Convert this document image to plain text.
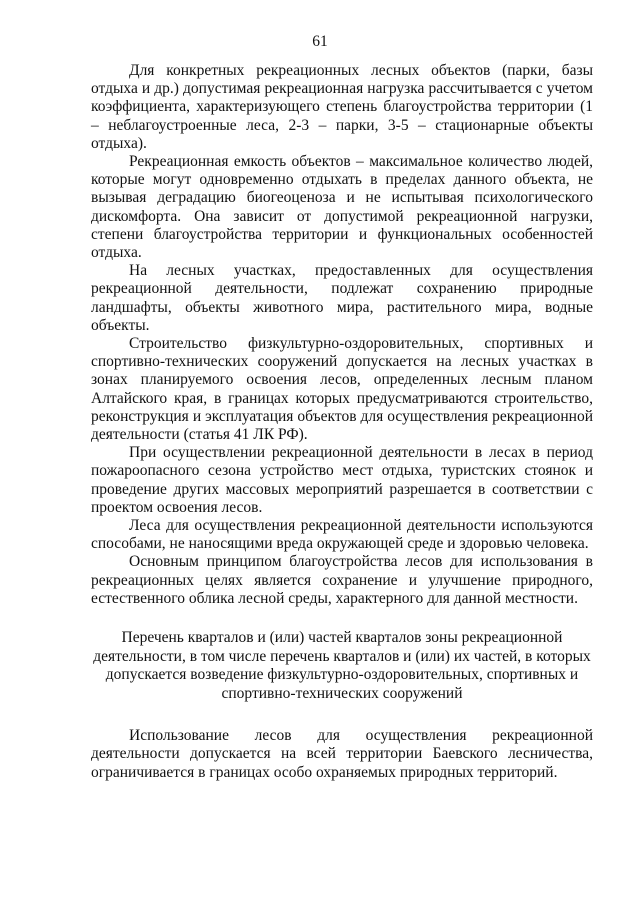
61

Для конкретных рекреационных лесных объектов (парки, базы отдыха и др.) допустимая рекреационная нагрузка рассчитывается с учетом коэффициента, характеризующего степень благоустройства территории (1 – неблагоустроенные леса, 2-3 – парки, 3-5 – стационарные объекты отдыха).

Рекреационная емкость объектов – максимальное количество людей, которые могут одновременно отдыхать в пределах данного объекта, не вызывая деградацию биогеоценоза и не испытывая психологического дискомфорта. Она зависит от допустимой рекреационной нагрузки, степени благоустройства территории и функциональных особенностей отдыха.

На лесных участках, предоставленных для осуществления рекреационной деятельности, подлежат сохранению природные ландшафты, объекты животного мира, растительного мира, водные объекты.

Строительство физкультурно-оздоровительных, спортивных и спортивно-технических сооружений допускается на лесных участках в зонах планируемого освоения лесов, определенных лесным планом Алтайского края, в границах которых предусматриваются строительство, реконструкция и эксплуатация объектов для осуществления рекреационной деятельности (статья 41 ЛК РФ).

При осуществлении рекреационной деятельности в лесах в период пожароопасного сезона устройство мест отдыха, туристских стоянок и проведение других массовых мероприятий разрешается в соответствии с проектом освоения лесов.

Леса для осуществления рекреационной деятельности используются способами, не наносящими вреда окружающей среде и здоровью человека.

Основным принципом благоустройства лесов для использования в рекреационных целях является сохранение и улучшение природного, естественного облика лесной среды, характерного для данной местности.

Перечень кварталов и (или) частей кварталов зоны рекреационной деятельности, в том числе перечень кварталов и (или) их частей, в которых допускается возведение физкультурно-оздоровительных, спортивных и спортивно-технических сооружений

Использование лесов для осуществления рекреационной деятельности допускается на всей территории Баевского лесничества, ограничивается в границах особо охраняемых природных территорий.
